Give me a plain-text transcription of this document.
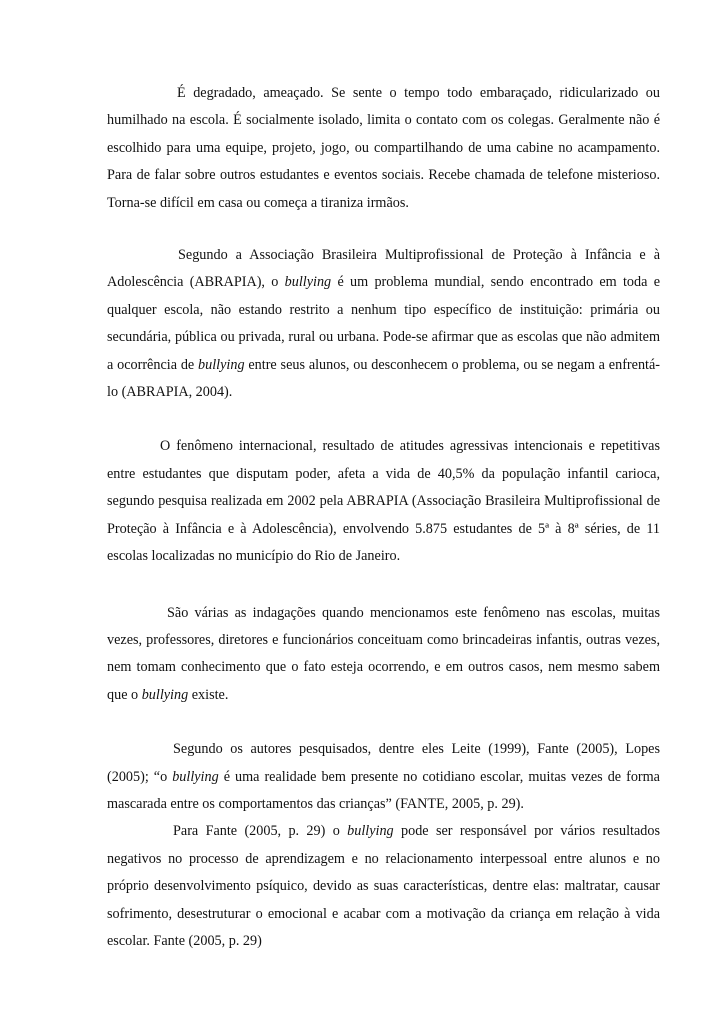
É degradado, ameaçado. Se sente o tempo todo embaraçado, ridicularizado ou humilhado na escola. É socialmente isolado, limita o contato com os colegas. Geralmente não é escolhido para uma equipe, projeto, jogo, ou compartilhando de uma cabine no acampamento. Para de falar sobre outros estudantes e eventos sociais. Recebe chamada de telefone misterioso. Torna-se difícil em casa ou começa a tiraniza irmãos.

Segundo a Associação Brasileira Multiprofissional de Proteção à Infância e à Adolescência (ABRAPIA), o bullying é um problema mundial, sendo encontrado em toda e qualquer escola, não estando restrito a nenhum tipo específico de instituição: primária ou secundária, pública ou privada, rural ou urbana. Pode-se afirmar que as escolas que não admitem a ocorrência de bullying entre seus alunos, ou desconhecem o problema, ou se negam a enfrentá-lo (ABRAPIA, 2004).

O fenômeno internacional, resultado de atitudes agressivas intencionais e repetitivas entre estudantes que disputam poder, afeta a vida de 40,5% da população infantil carioca, segundo pesquisa realizada em 2002 pela ABRAPIA (Associação Brasileira Multiprofissional de Proteção à Infância e à Adolescência), envolvendo 5.875 estudantes de 5ª à 8ª séries, de 11 escolas localizadas no município do Rio de Janeiro.

São várias as indagações quando mencionamos este fenômeno nas escolas, muitas vezes, professores, diretores e funcionários conceituam como brincadeiras infantis, outras vezes, nem tomam conhecimento que o fato esteja ocorrendo, e em outros casos, nem mesmo sabem que o bullying existe.

Segundo os autores pesquisados, dentre eles Leite (1999), Fante (2005), Lopes (2005); “o bullying é uma realidade bem presente no cotidiano escolar, muitas vezes de forma mascarada entre os comportamentos das crianças” (FANTE, 2005, p. 29).

Para Fante (2005, p. 29) o bullying pode ser responsável por vários resultados negativos no processo de aprendizagem e no relacionamento interpessoal entre alunos e no próprio desenvolvimento psíquico, devido as suas características, dentre elas: maltratar, causar sofrimento, desestruturar o emocional e acabar com a motivação da criança em relação à vida escolar. Fante (2005, p. 29)
